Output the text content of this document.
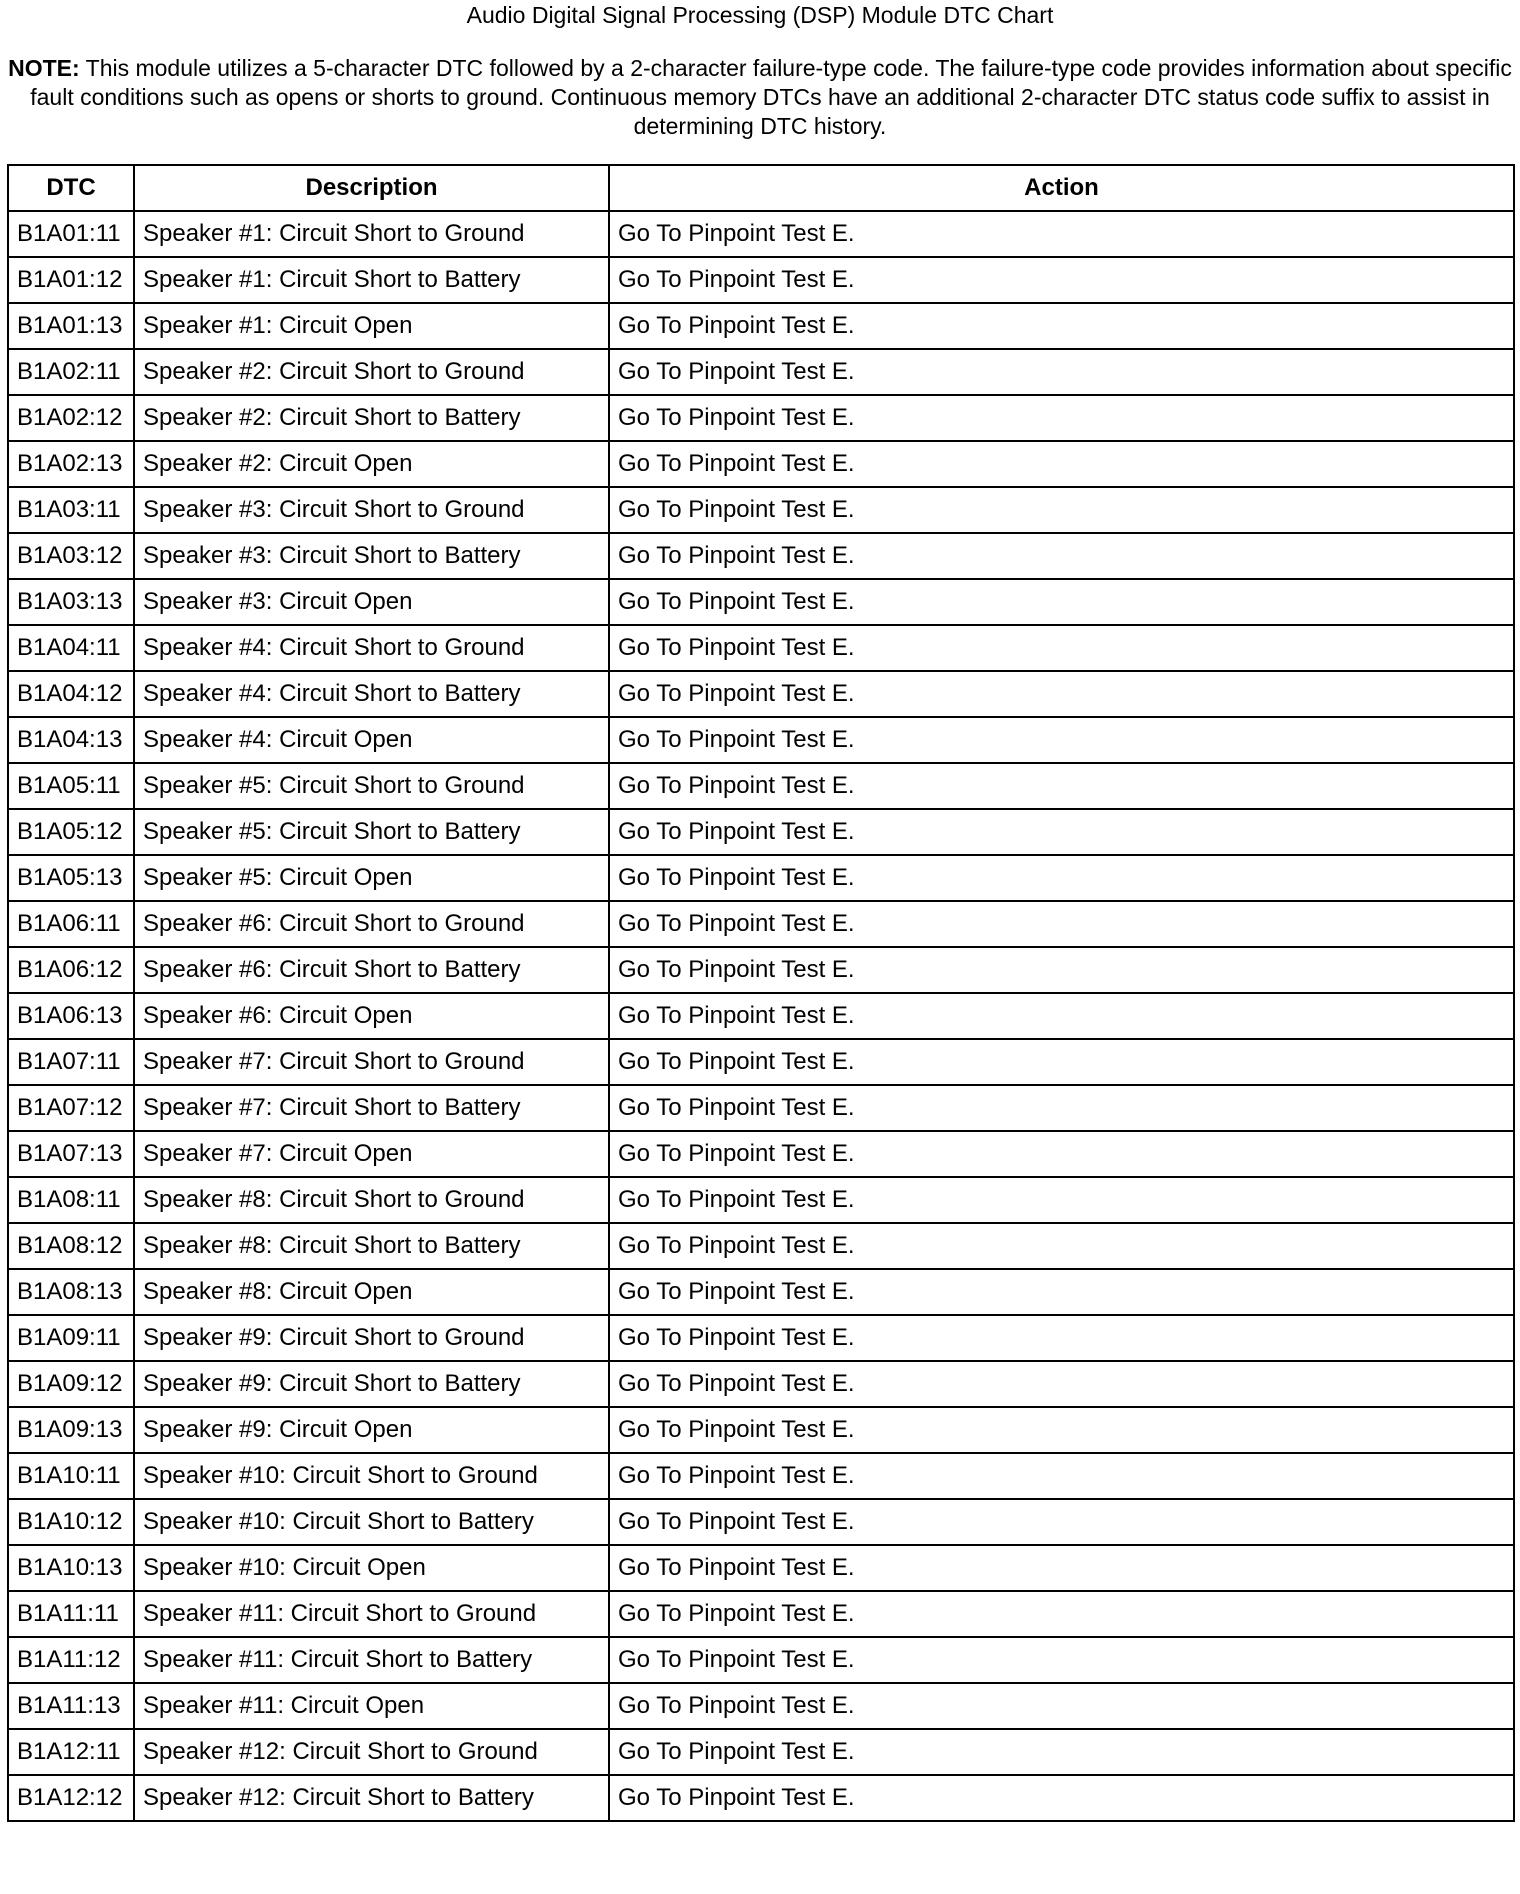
Audio Digital Signal Processing (DSP) Module DTC Chart
NOTE: This module utilizes a 5-character DTC followed by a 2-character failure-type code. The failure-type code provides information about specific fault conditions such as opens or shorts to ground. Continuous memory DTCs have an additional 2-character DTC status code suffix to assist in determining DTC history.
DTC	Description	Action
B1A01:11	Speaker #1: Circuit Short to Ground	Go To Pinpoint Test E.
B1A01:12	Speaker #1: Circuit Short to Battery	Go To Pinpoint Test E.
B1A01:13	Speaker #1: Circuit Open	Go To Pinpoint Test E.
B1A02:11	Speaker #2: Circuit Short to Ground	Go To Pinpoint Test E.
B1A02:12	Speaker #2: Circuit Short to Battery	Go To Pinpoint Test E.
B1A02:13	Speaker #2: Circuit Open	Go To Pinpoint Test E.
B1A03:11	Speaker #3: Circuit Short to Ground	Go To Pinpoint Test E.
B1A03:12	Speaker #3: Circuit Short to Battery	Go To Pinpoint Test E.
B1A03:13	Speaker #3: Circuit Open	Go To Pinpoint Test E.
B1A04:11	Speaker #4: Circuit Short to Ground	Go To Pinpoint Test E.
B1A04:12	Speaker #4: Circuit Short to Battery	Go To Pinpoint Test E.
B1A04:13	Speaker #4: Circuit Open	Go To Pinpoint Test E.
B1A05:11	Speaker #5: Circuit Short to Ground	Go To Pinpoint Test E.
B1A05:12	Speaker #5: Circuit Short to Battery	Go To Pinpoint Test E.
B1A05:13	Speaker #5: Circuit Open	Go To Pinpoint Test E.
B1A06:11	Speaker #6: Circuit Short to Ground	Go To Pinpoint Test E.
B1A06:12	Speaker #6: Circuit Short to Battery	Go To Pinpoint Test E.
B1A06:13	Speaker #6: Circuit Open	Go To Pinpoint Test E.
B1A07:11	Speaker #7: Circuit Short to Ground	Go To Pinpoint Test E.
B1A07:12	Speaker #7: Circuit Short to Battery	Go To Pinpoint Test E.
B1A07:13	Speaker #7: Circuit Open	Go To Pinpoint Test E.
B1A08:11	Speaker #8: Circuit Short to Ground	Go To Pinpoint Test E.
B1A08:12	Speaker #8: Circuit Short to Battery	Go To Pinpoint Test E.
B1A08:13	Speaker #8: Circuit Open	Go To Pinpoint Test E.
B1A09:11	Speaker #9: Circuit Short to Ground	Go To Pinpoint Test E.
B1A09:12	Speaker #9: Circuit Short to Battery	Go To Pinpoint Test E.
B1A09:13	Speaker #9: Circuit Open	Go To Pinpoint Test E.
B1A10:11	Speaker #10: Circuit Short to Ground	Go To Pinpoint Test E.
B1A10:12	Speaker #10: Circuit Short to Battery	Go To Pinpoint Test E.
B1A10:13	Speaker #10: Circuit Open	Go To Pinpoint Test E.
B1A11:11	Speaker #11: Circuit Short to Ground	Go To Pinpoint Test E.
B1A11:12	Speaker #11: Circuit Short to Battery	Go To Pinpoint Test E.
B1A11:13	Speaker #11: Circuit Open	Go To Pinpoint Test E.
B1A12:11	Speaker #12: Circuit Short to Ground	Go To Pinpoint Test E.
B1A12:12	Speaker #12: Circuit Short to Battery	Go To Pinpoint Test E.
